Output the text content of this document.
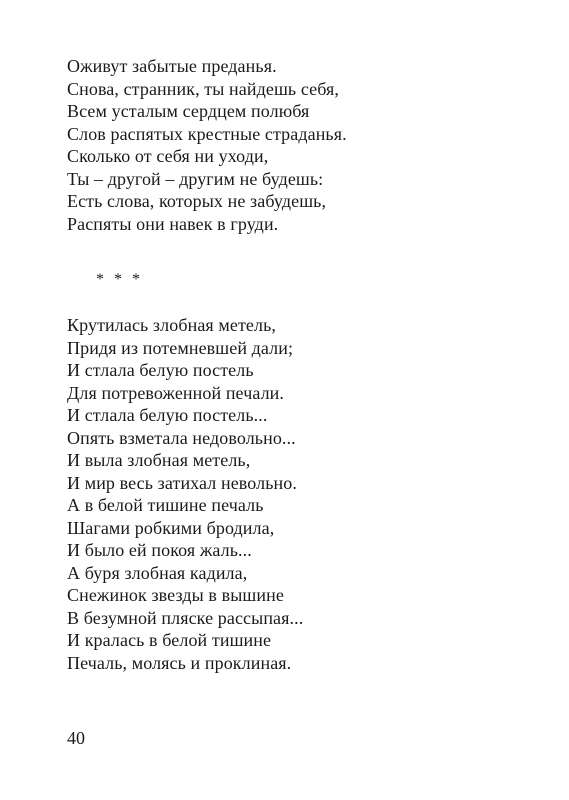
Оживут забытые преданья.
Снова, странник, ты найдешь себя,
Всем усталым сердцем полюбя
Слов распятых крестные страданья.
Сколько от себя ни уходи,
Ты – другой – другим не будешь:
Есть слова, которых не забудешь,
Распяты они навек в груди.
* * *
Крутилась злобная метель,
Придя из потемневшей дали;
И стлала белую постель
Для потревоженной печали.
И стлала белую постель...
Опять взметала недовольно...
И выла злобная метель,
И мир весь затихал невольно.
А в белой тишине печаль
Шагами робкими бродила,
И было ей покоя жаль...
А буря злобная кадила,
Снежинок звезды в вышине
В безумной пляске рассыпая...
И кралась в белой тишине
Печаль, молясь и проклиная.
40
